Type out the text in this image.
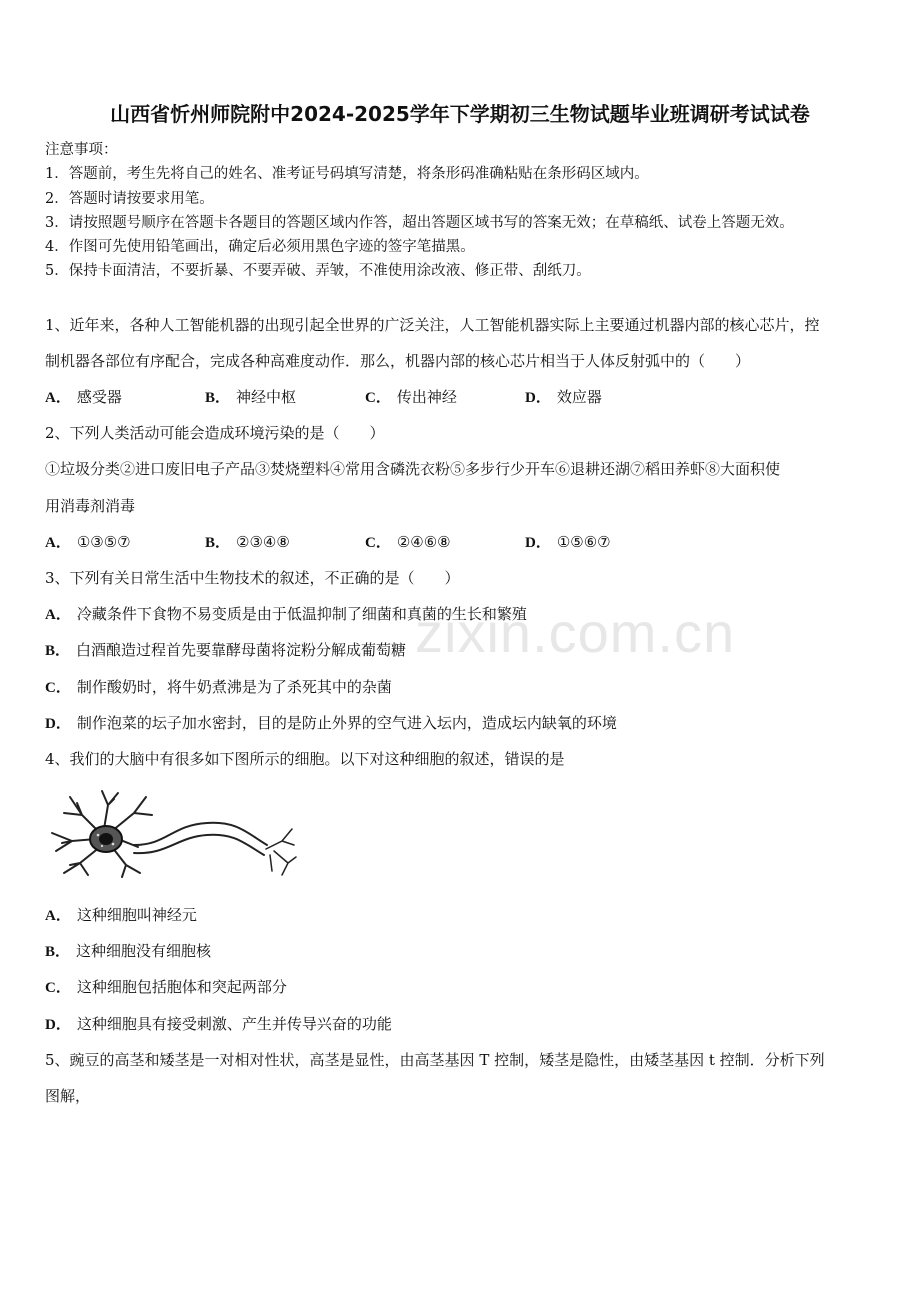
山西省忻州师院附中2024-2025学年下学期初三生物试题毕业班调研考试试卷
注意事项：
1．答题前，考生先将自己的姓名、准考证号码填写清楚，将条形码准确粘贴在条形码区域内。
2．答题时请按要求用笔。
3．请按照题号顺序在答题卡各题目的答题区域内作答，超出答题区域书写的答案无效；在草稿纸、试卷上答题无效。
4．作图可先使用铅笔画出，确定后必须用黑色字迹的签字笔描黑。
5．保持卡面清洁，不要折暴、不要弄破、弄皱，不准使用涂改液、修正带、刮纸刀。
1、近年来，各种人工智能机器的出现引起全世界的广泛关注，人工智能机器实际上主要通过机器内部的核心芯片，控
制机器各部位有序配合，完成各种高难度动作．那么，机器内部的核心芯片相当于人体反射弧中的（　　）
A． 感受器	B． 神经中枢	C． 传出神经	D． 效应器
2、下列人类活动可能会造成环境污染的是（　　）
①垃圾分类②进口废旧电子产品③焚烧塑料④常用含磷洗衣粉⑤多步行少开车⑥退耕还湖⑦稻田养虾⑧大面积使
用消毒剂消毒
A． ①③⑤⑦	B． ②③④⑧	C． ②④⑥⑧	D． ①⑤⑥⑦
3、下列有关日常生活中生物技术的叙述，不正确的是（　　）
A． 冷藏条件下食物不易变质是由于低温抑制了细菌和真菌的生长和繁殖
B． 白酒酿造过程首先要靠酵母菌将淀粉分解成葡萄糖
C． 制作酸奶时，将牛奶煮沸是为了杀死其中的杂菌
D． 制作泡菜的坛子加水密封，目的是防止外界的空气进入坛内，造成坛内缺氧的环境
4、我们的大脑中有很多如下图所示的细胞。以下对这种细胞的叙述，错误的是
A． 这种细胞叫神经元
B． 这种细胞没有细胞核
C． 这种细胞包括胞体和突起两部分
D． 这种细胞具有接受刺激、产生并传导兴奋的功能
5、豌豆的高茎和矮茎是一对相对性状，高茎是显性，由高茎基因 T 控制，矮茎是隐性，由矮茎基因 t 控制．分析下列
图解，
zixin.com.cn
